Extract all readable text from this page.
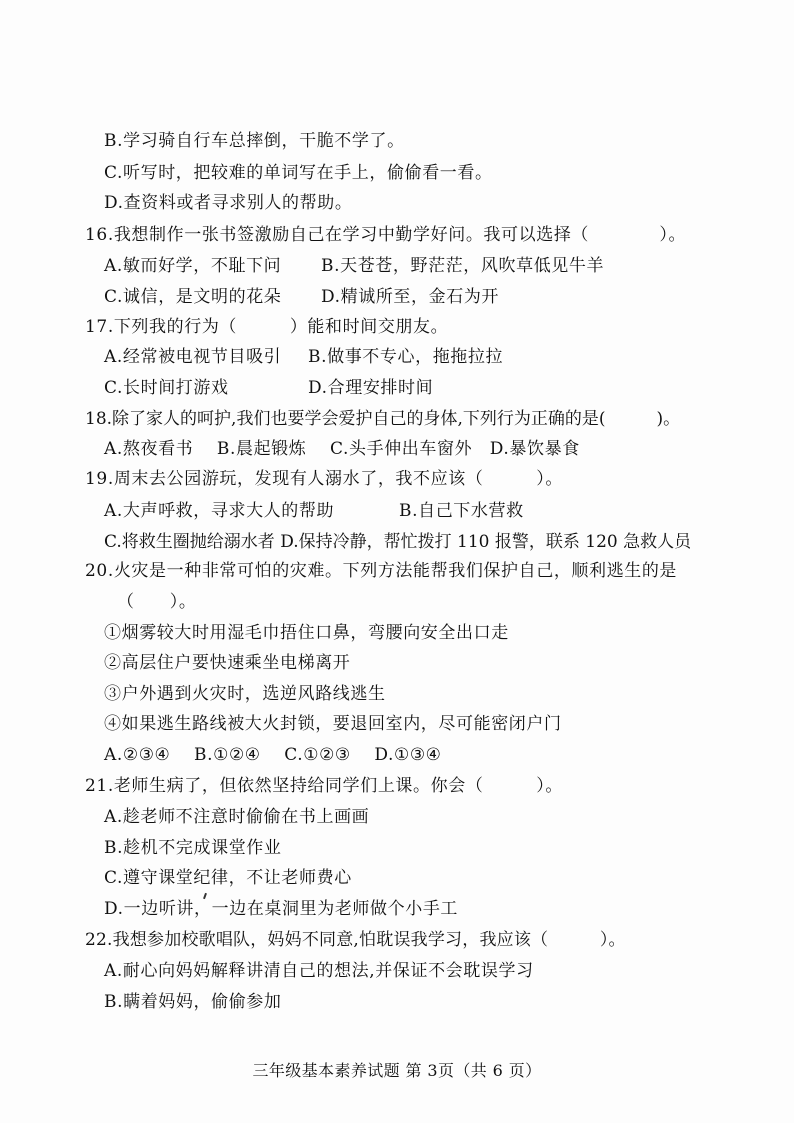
B.学习骑自行车总摔倒，干脆不学了。
C.听写时，把较难的单词写在手上，偷偷看一看。
D.查资料或者寻求别人的帮助。
16.我想制作一张书签激励自己在学习中勤学好问。我可以选择（　　　　）。
A.敏而好学，不耻下问 B.天苍苍，野茫茫，风吹草低见牛羊
C.诚信，是文明的花朵 D.精诚所至，金石为开
17.下列我的行为（　　　）能和时间交朋友。
A.经常被电视节目吸引 B.做事不专心，拖拖拉拉
C.长时间打游戏	D.合理安排时间
18.除了家人的呵护,我们也要学会爱护自己的身体,下列行为正确的是(　　　)。
A.熬夜看书　 B.晨起锻炼　 C.头手伸出车窗外　D.暴饮暴食
19.周末去公园游玩，发现有人溺水了，我不应该（　　　）。
A.大声呼救，寻求大人的帮助	B.自己下水营救
C.将救生圈抛给溺水者 D.保持冷静，帮忙拨打 110 报警，联系 120 急救人员
20.火灾是一种非常可怕的灾难。下列方法能帮我们保护自己，顺利逃生的是
（　　）。
①烟雾较大时用湿毛巾捂住口鼻，弯腰向安全出口走
②高层住户要快速乘坐电梯离开
③户外遇到火灾时，选逆风路线逃生
④如果逃生路线被大火封锁，要退回室内，尽可能密闭户门
A.②③④　 B.①②④　 C.①②③　 D.①③④
21.老师生病了，但依然坚持给同学们上课。你会（　　　）。
A.趁老师不注意时偷偷在书上画画
B.趁机不完成课堂作业
C.遵守课堂纪律，不让老师费心
D.一边听讲，一边在桌洞里为老师做个小手工
22.我想参加校歌唱队，妈妈不同意,怕耽误我学习，我应该（　　　）。
A.耐心向妈妈解释讲清自己的想法,并保证不会耽误学习
B.瞒着妈妈，偷偷参加
三年级基本素养试题 第 3页（共 6 页）
